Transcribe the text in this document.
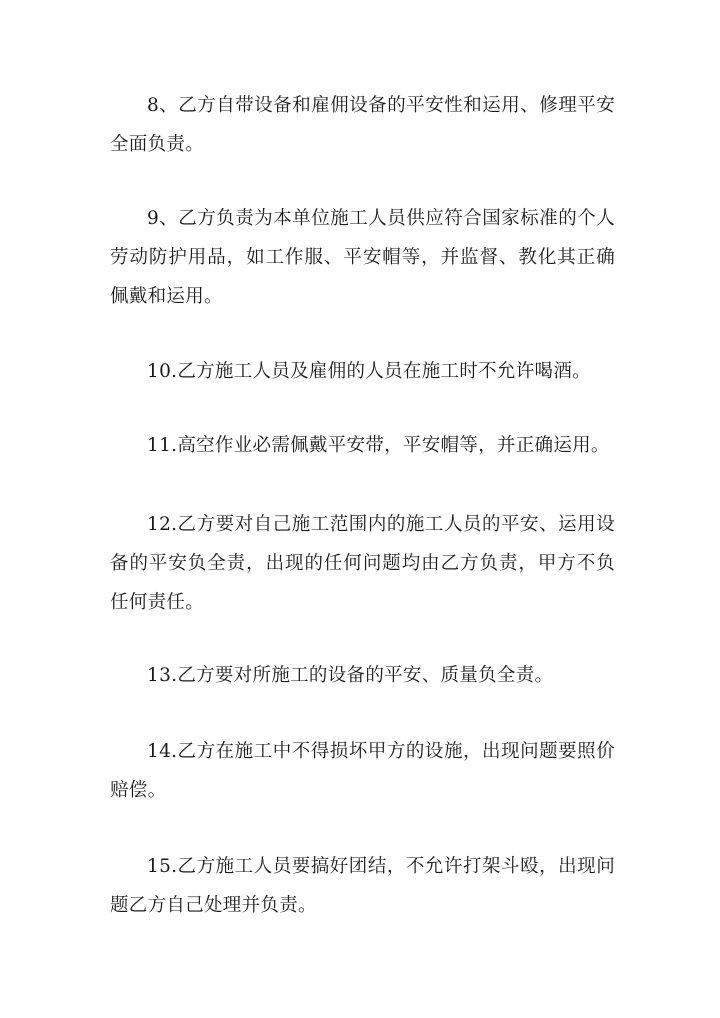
8、乙方自带设备和雇佣设备的平安性和运用、修理平安全面负责。

9、乙方负责为本单位施工人员供应符合国家标准的个人劳动防护用品，如工作服、平安帽等，并监督、教化其正确佩戴和运用。

10.乙方施工人员及雇佣的人员在施工时不允许喝酒。

11.高空作业必需佩戴平安带，平安帽等，并正确运用。

12.乙方要对自己施工范围内的施工人员的平安、运用设备的平安负全责，出现的任何问题均由乙方负责，甲方不负任何责任。

13.乙方要对所施工的设备的平安、质量负全责。

14.乙方在施工中不得损坏甲方的设施，出现问题要照价赔偿。

15.乙方施工人员要搞好团结，不允许打架斗殴，出现问题乙方自己处理并负责。
